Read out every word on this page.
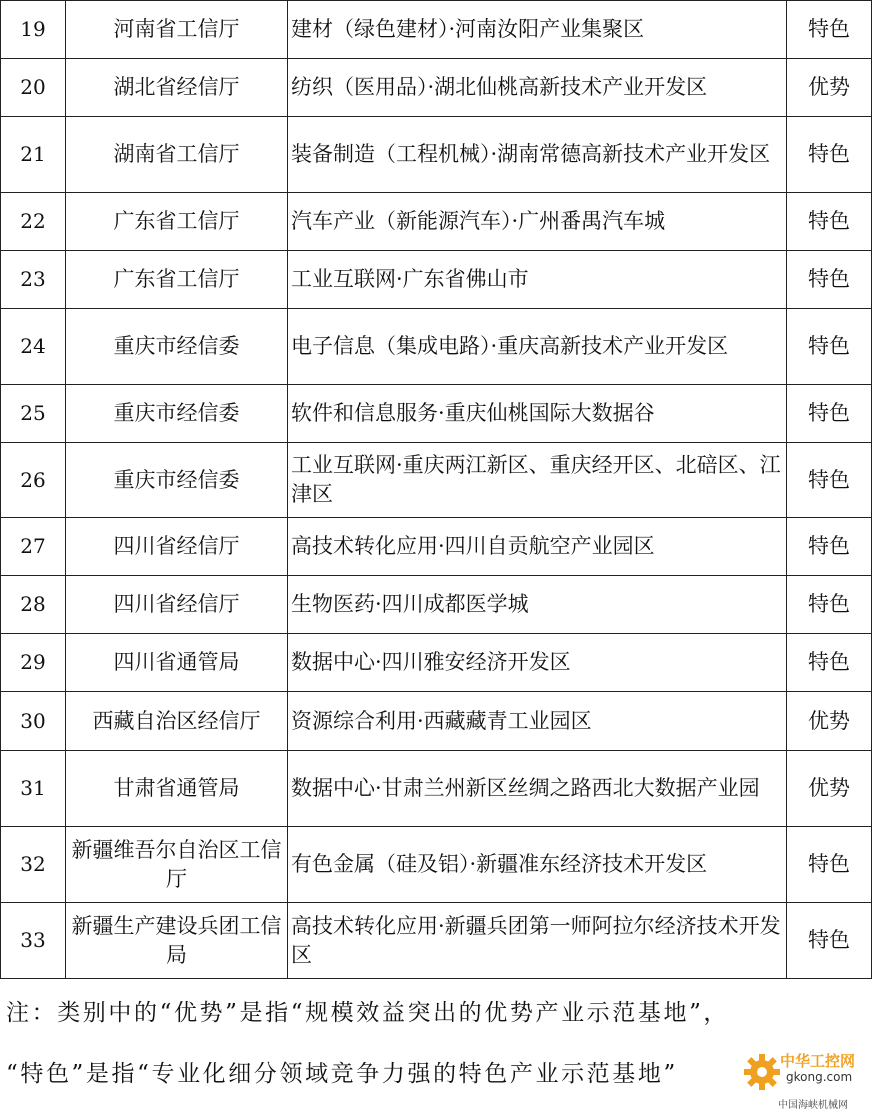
19	河南省工信厅	建材（绿色建材）·河南汝阳产业集聚区	特色
20	湖北省经信厅	纺织（医用品）·湖北仙桃高新技术产业开发区	优势
21	湖南省工信厅	装备制造（工程机械）·湖南常德高新技术产业开发区	特色
22	广东省工信厅	汽车产业（新能源汽车）·广州番禺汽车城	特色
23	广东省工信厅	工业互联网·广东省佛山市	特色
24	重庆市经信委	电子信息（集成电路）·重庆高新技术产业开发区	特色
25	重庆市经信委	软件和信息服务·重庆仙桃国际大数据谷	特色
26	重庆市经信委	工业互联网·重庆两江新区、重庆经开区、北碚区、江津区	特色
27	四川省经信厅	高技术转化应用·四川自贡航空产业园区	特色
28	四川省经信厅	生物医药·四川成都医学城	特色
29	四川省通管局	数据中心·四川雅安经济开发区	特色
30	西藏自治区经信厅	资源综合利用·西藏藏青工业园区	优势
31	甘肃省通管局	数据中心·甘肃兰州新区丝绸之路西北大数据产业园	优势
32	新疆维吾尔自治区工信厅	有色金属（硅及铝）·新疆准东经济技术开发区	特色
33	新疆生产建设兵团工信局	高技术转化应用·新疆兵团第一师阿拉尔经济技术开发区	特色
注：类别中的“优势”是指“规模效益突出的优势产业示范基地”，
“特色”是指“专业化细分领域竞争力强的特色产业示范基地”	中华工控网
gkong.com
中国海峡机械网
